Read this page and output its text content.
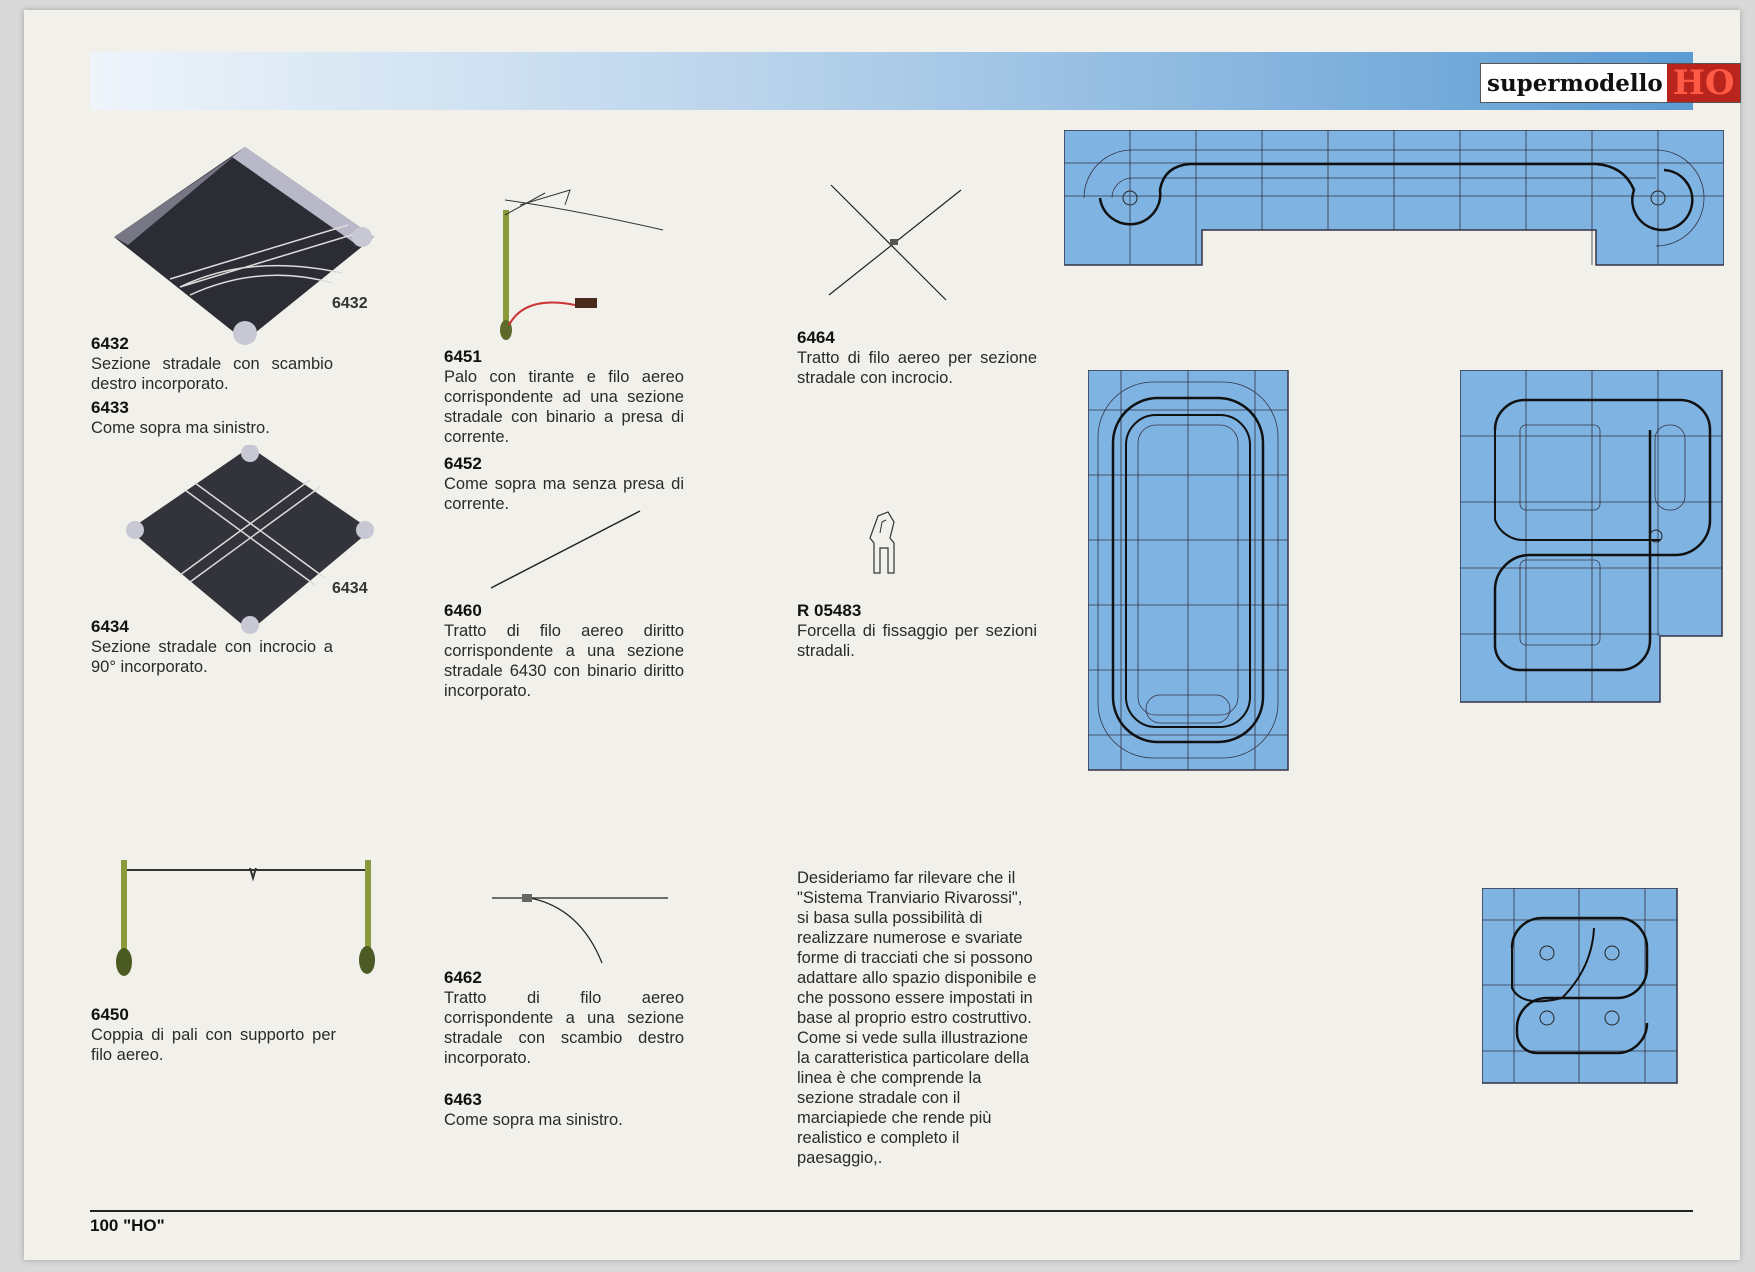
supermodello HO
6432
6432
Sezione stradale con scambio destro incorporato.
6433
Come sopra ma sinistro.
6434
6434
Sezione stradale con incrocio a 90° incorporato.
6450
Coppia di pali con supporto per filo aereo.
6451
Palo con tirante e filo aereo corrispondente ad una sezione stradale con binario a presa di corrente.
6452
Come sopra ma senza presa di corrente.
6460
Tratto di filo aereo diritto corrispondente a una sezione stradale 6430 con binario diritto incorporato.
6462
Tratto di filo aereo corrispondente a una sezione stradale con scambio destro incorporato.
6463
Come sopra ma sinistro.
6464
Tratto di filo aereo per sezione stradale con incrocio.
R 05483
Forcella di fissaggio per sezioni stradali.

Desideriamo far rilevare che il "Sistema Tranviario Rivarossi", si basa sulla possibilità di realizzare numerose e svariate forme di tracciati che si possono adattare allo spazio disponibile e che possono essere impostati in base al proprio estro costruttivo.

Come si vede sulla illustrazione la caratteristica particolare della linea è che comprende la sezione stradale con il marciapiede che rende più realistico e completo il paesaggio,.

100 "HO"
